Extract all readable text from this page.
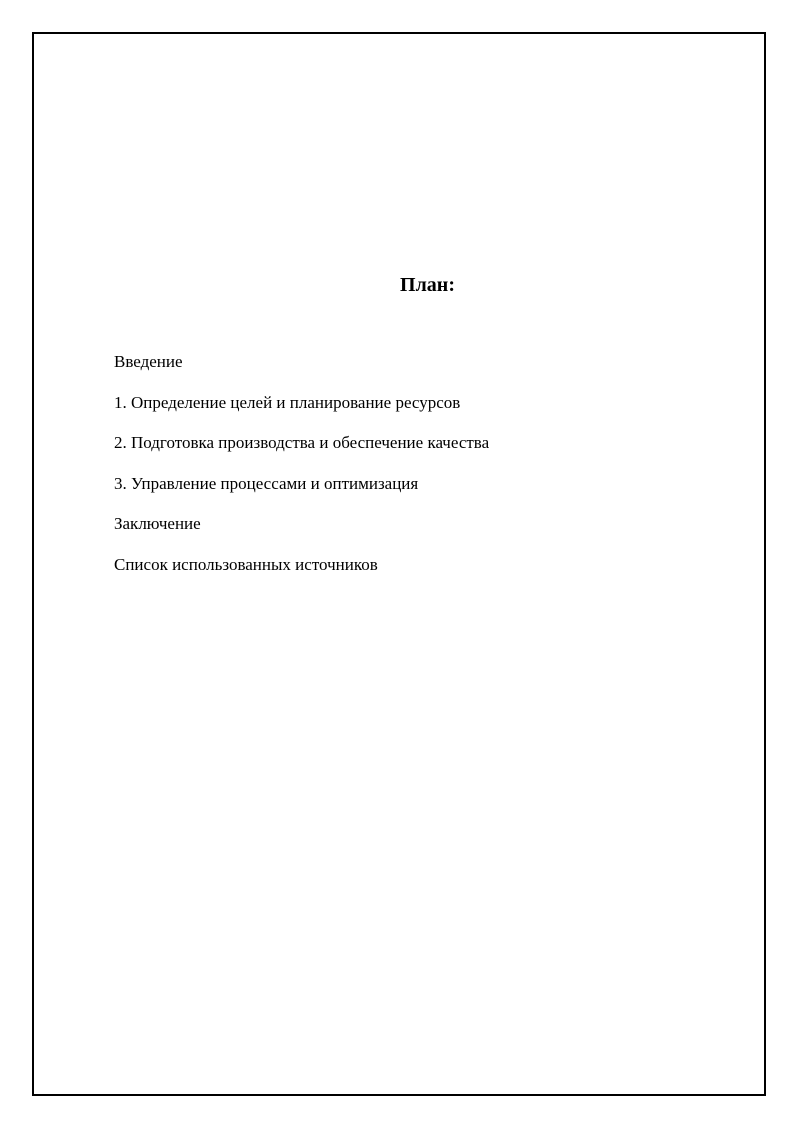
План:
Введение
1. Определение целей и планирование ресурсов
2. Подготовка производства и обеспечение качества
3. Управление процессами и оптимизация
Заключение
Список использованных источников
